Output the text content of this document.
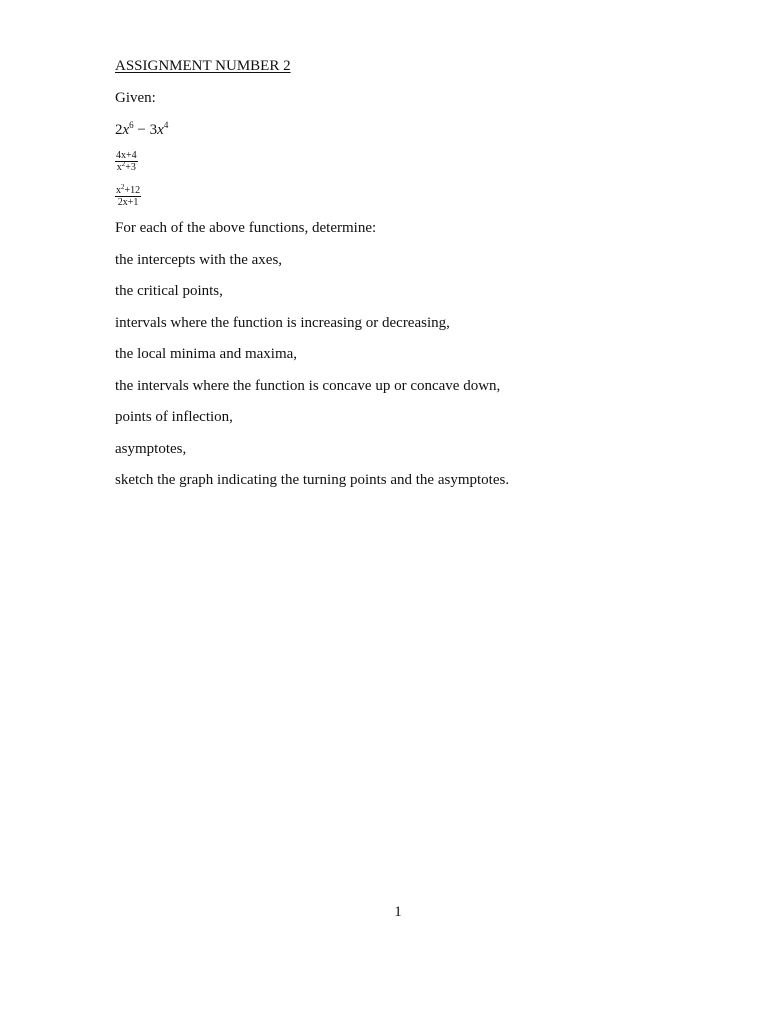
ASSIGNMENT NUMBER 2
Given:
$2x^6 - 3x^4$
$\frac{4x+4}{x^2+3}$
$\frac{x^2+12}{2x+1}$
For each of the above functions, determine:
the intercepts with the axes,
the critical points,
intervals where the function is increasing or decreasing,
the local minima and maxima,
the intervals where the function is concave up or concave down,
points of inflection,
asymptotes,
sketch the graph indicating the turning points and the asymptotes.
1
